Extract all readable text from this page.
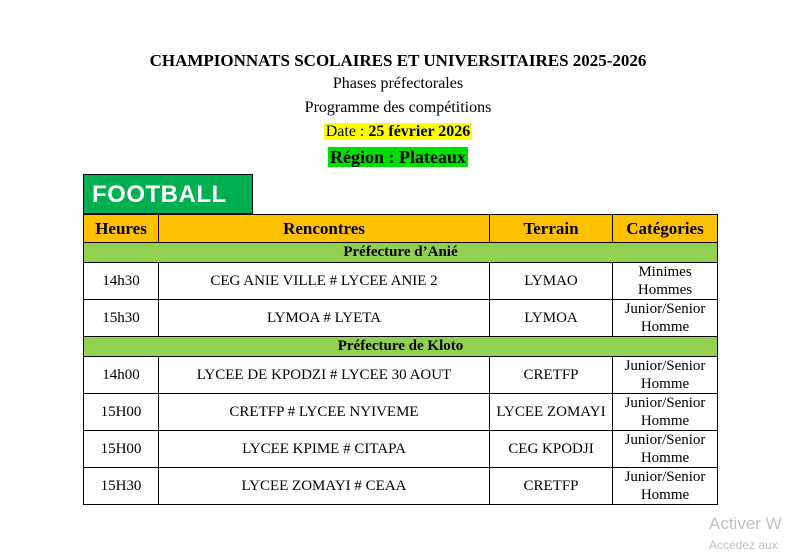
CHAMPIONNATS SCOLAIRES ET UNIVERSITAIRES 2025-2026
Phases préfectorales
Programme des compétitions
Date : 25 février 2026
Région : Plateaux
FOOTBALL
Heures	Rencontres	Terrain	Catégories
Préfecture d’Anié			
14h30	CEG ANIE VILLE # LYCEE ANIE 2	LYMAO	Minimes Hommes
15h30	LYMOA # LYETA	LYMOA	Junior/Senior Homme
Préfecture de Kloto			
14h00	LYCEE DE KPODZI # LYCEE 30 AOUT	CRETFP	Junior/Senior Homme
15H00	CRETFP # LYCEE NYIVEME	LYCEE ZOMAYI	Junior/Senior Homme
15H00	LYCEE KPIME # CITAPA	CEG KPODJI	Junior/Senior Homme
15H30	LYCEE ZOMAYI # CEAA	CRETFP	Junior/Senior Homme
Activer W
Accédez aux
